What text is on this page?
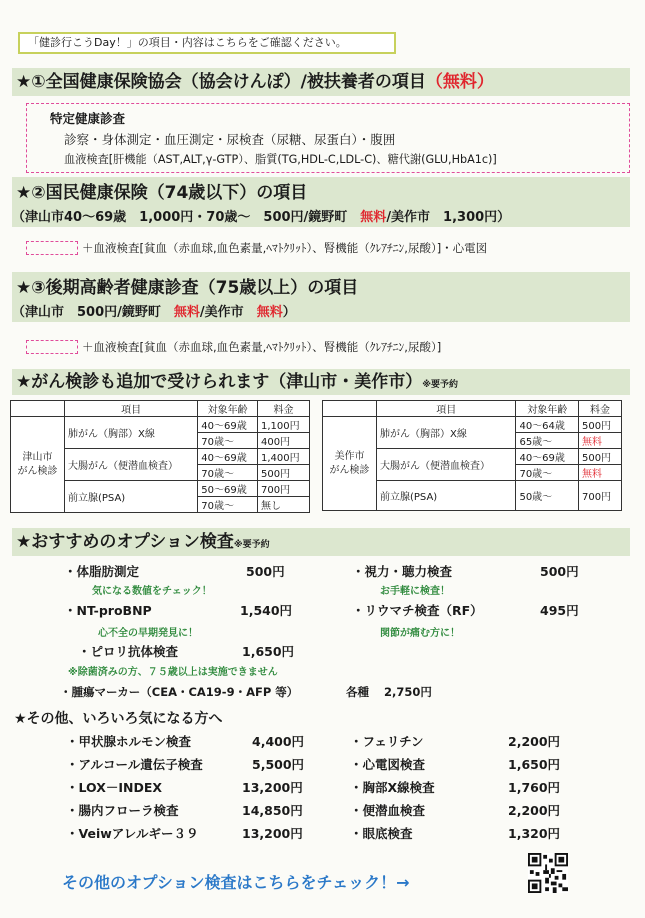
「健診行こうDay！」の項目・内容はこちらをご確認ください。
★①全国健康保険協会（協会けんぽ）/被扶養者の項目（無料）
特定健康診査
診察・身体測定・血圧測定・尿検査（尿糖、尿蛋白）・腹囲
血液検査[肝機能（AST,ALT,γ-GTP）、脂質(TG,HDL-C,LDL-C)、糖代謝(GLU,HbA1c)]
★②国民健康保険（74歳以下）の項目
（津山市40～69歳　1,000円・70歳～　500円/鏡野町　 無料/美作市　1,300円）
＋血液検査[貧血（赤血球,血色素量,ﾍﾏﾄｸﾘｯﾄ）、腎機能（ｸﾚｱﾁﾆﾝ,尿酸）]・心電図
★③後期高齢者健康診査（75歳以上）の項目
（津山市　500円/鏡野町　 無料/美作市　 無料）
＋血液検査[貧血（赤血球,血色素量,ﾍﾏﾄｸﾘｯﾄ）、腎機能（ｸﾚｱﾁﾆﾝ,尿酸）]
★がん検診も追加で受けられます（津山市・美作市）※要予約
	項目	対象年齢	料金
津山市
がん検診	肺がん（胸部）X線	40～69歳	1,100円
		70歳～	400円
	大腸がん（便潜血検査）	40～69歳	1,400円
		70歳～	500円
	前立腺(PSA)	50～69歳	700円
		70歳～	無し
	項目	対象年齢	料金
美作市
がん検診	肺がん（胸部）X線	40～64歳	500円
		65歳～	無料
	大腸がん（便潜血検査）	40～69歳	500円
		70歳～	無料
	前立腺(PSA)	50歳～	700円
★おすすめのオプション検査※要予約
・体脂肪測定	500円
気になる数値をチェック！
・視力・聴力検査	500円
お手軽に検査！
・NT-proBNP	1,540円
心不全の早期発見に！
・リウマチ検査（RF）	495円
関節が痛む方に！
・ピロリ抗体検査	1,650円
※除菌済みの方、７５歳以上は実施できません
・腫瘍マーカー（CEA・CA19-9・AFP 等）	各種 2,750円
★その他、いろいろ気になる方へ
・甲状腺ホルモン検査	4,400円
・アルコール遺伝子検査	5,500円
・LOX－INDEX	13,200円
・腸内フローラ検査	14,850円
・Veiwアレルギー３９	13,200円
・フェリチン	2,200円
・心電図検査	1,650円
・胸部X線検査	1,760円
・便潜血検査	2,200円
・眼底検査	1,320円
その他のオプション検査はこちらをチェック！→
